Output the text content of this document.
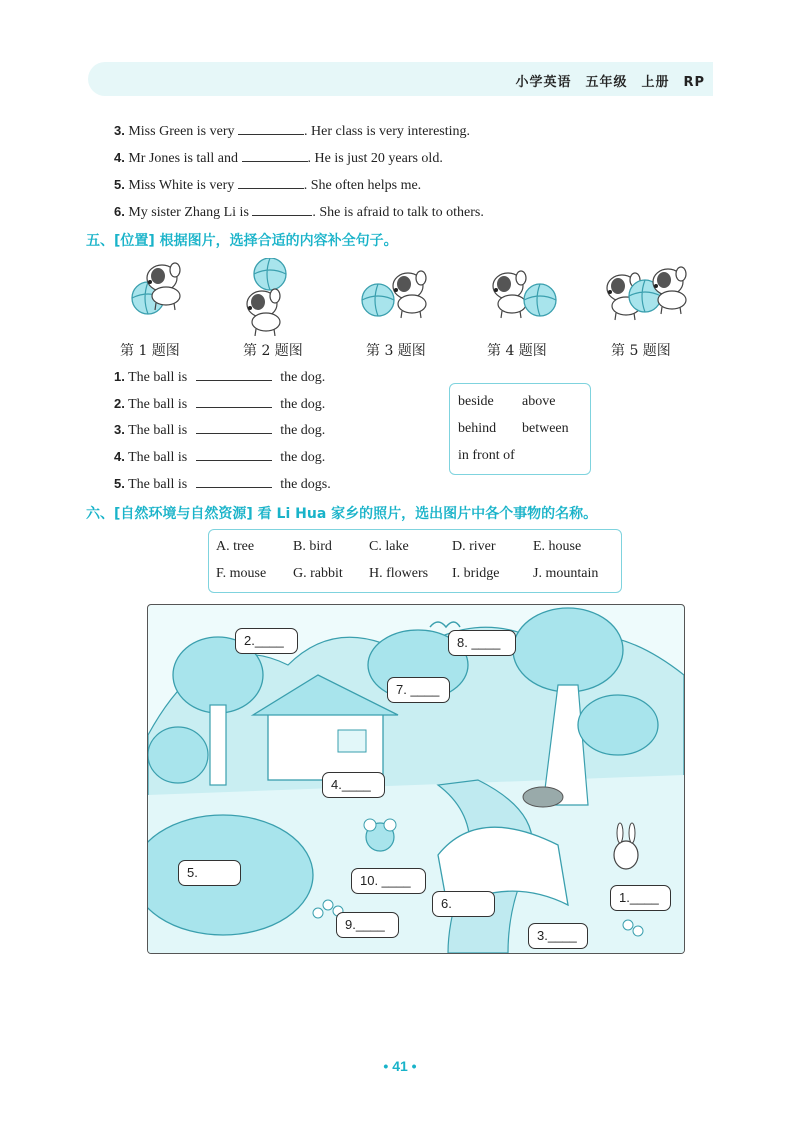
小学英语　五年级　上册　RP
3. Miss Green is very	. Her class is very interesting.
4. Mr Jones is tall and	. He is just 20 years old.
5. Miss White is very	. She often helps me.
6. My sister Zhang Li is	. She is afraid to talk to others.
五、[位置] 根据图片，选择合适的内容补全句子。
第 1 题图	第 2 题图	第 3 题图	第 4 题图	第 5 题图
1. The ball is	the dog.
2. The ball is	the dog.
3. The ball is	the dog.
4. The ball is	the dog.
5. The ball is	the dogs.
beside above
behind between
in front of
六、[自然环境与自然资源] 看 Li Hua 家乡的照片，选出图片中各个事物的名称。
A. tree	B. bird	C. lake	D. river	E. house
F. mouse G. rabbit H. flowers I. bridge J. mountain
2.____	8. ____
7. ____
4.____
5.
10. ____
6.
9.____
1.____
3.____
• 41 •
